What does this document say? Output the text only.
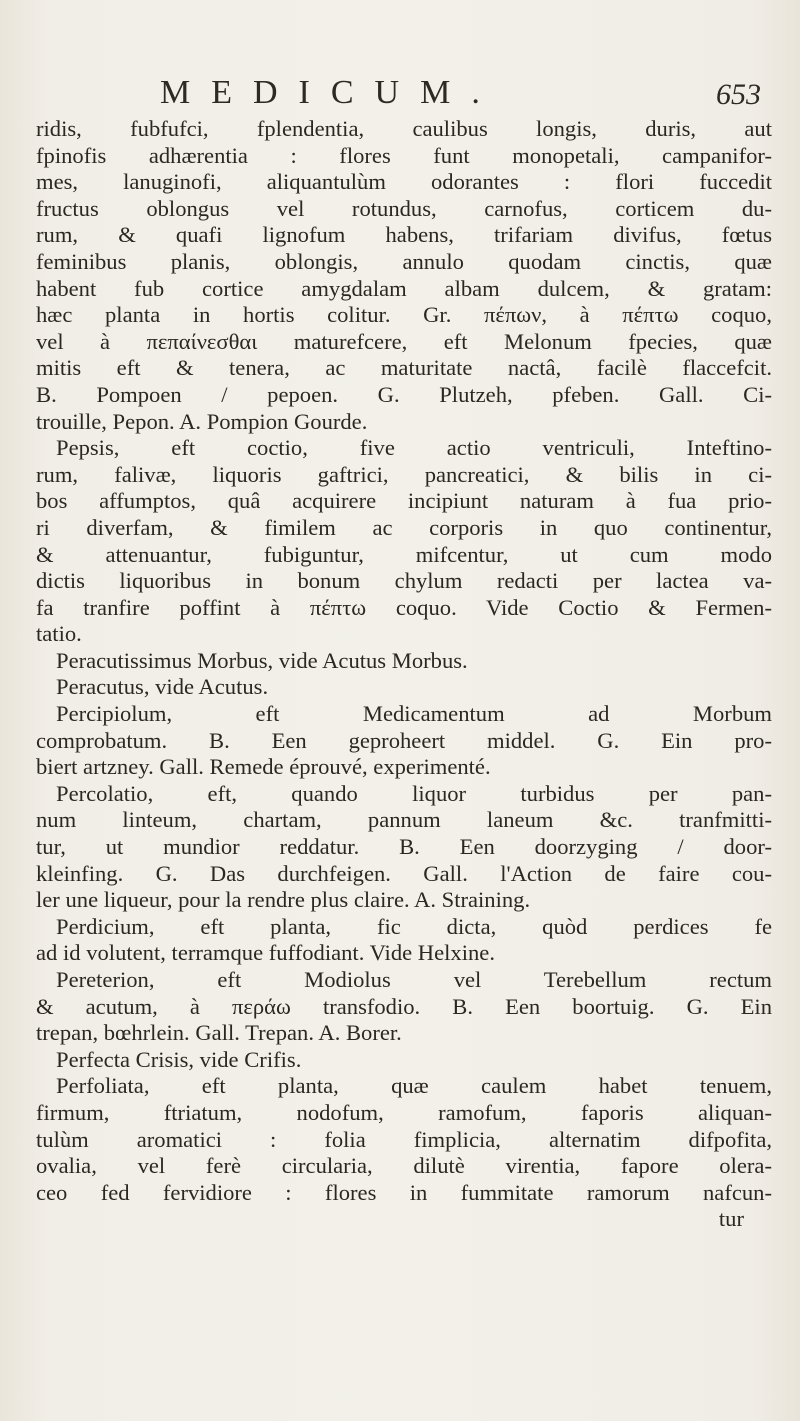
MEDICUM.	653
ridis, fubfufci, fplendentia, caulibus longis, duris, aut
fpinofis adhærentia : flores funt monopetali, campanifor-
mes, lanuginofi, aliquantulùm odorantes : flori fuccedit
fructus oblongus vel rotundus, carnofus, corticem du-
rum, & quafi lignofum habens, trifariam divifus, fœtus
feminibus planis, oblongis, annulo quodam cinctis, quæ
habent fub cortice amygdalam albam dulcem, & gratam:
hæc planta in hortis colitur. Gr. πέπων, à πέπτω coquo,
vel à πεπαίνεσθαι maturefcere, eft Melonum fpecies, quæ
mitis eft & tenera, ac maturitate nactâ, facilè flaccefcit.
B. Pompoen / pepoen. G. Plutzeh, pfeben. Gall. Ci-
trouille, Pepon. A. Pompion Gourde.
Pepsis, eft coctio, five actio ventriculi, Inteftino-
rum, falivæ, liquoris gaftrici, pancreatici, & bilis in ci-
bos affumptos, quâ acquirere incipiunt naturam à fua prio-
ri diverfam, & fimilem ac corporis in quo continentur,
& attenuantur, fubiguntur, mifcentur, ut cum modo
dictis liquoribus in bonum chylum redacti per lactea va-
fa tranfire poffint à πέπτω coquo. Vide Coctio & Fermen-
tatio.
Peracutissimus Morbus, vide Acutus Morbus.
Peracutus, vide Acutus.
Percipiolum, eft Medicamentum ad Morbum
comprobatum. B. Een geproheert middel. G. Ein pro-
biert artzney. Gall. Remede éprouvé, experimenté.
Percolatio, eft, quando liquor turbidus per pan-
num linteum, chartam, pannum laneum &c. tranfmitti-
tur, ut mundior reddatur. B. Een doorzyging / door-
kleinfing. G. Das durchfeigen. Gall. l'Action de faire cou-
ler une liqueur, pour la rendre plus claire. A. Straining.
Perdicium, eft planta, fic dicta, quòd perdices fe
ad id volutent, terramque fuffodiant. Vide Helxine.
Pereterion, eft Modiolus vel Terebellum rectum
& acutum, à περάω transfodio. B. Een boortuig. G. Ein
trepan, bœhrlein. Gall. Trepan. A. Borer.
Perfecta Crisis, vide Crifis.
Perfoliata, eft planta, quæ caulem habet tenuem,
firmum, ftriatum, nodofum, ramofum, faporis aliquan-
tulùm aromatici : folia fimplicia, alternatim difpofita,
ovalia, vel ferè circularia, dilutè virentia, fapore olera-
ceo fed fervidiore : flores in fummitate ramorum nafcun-
tur
